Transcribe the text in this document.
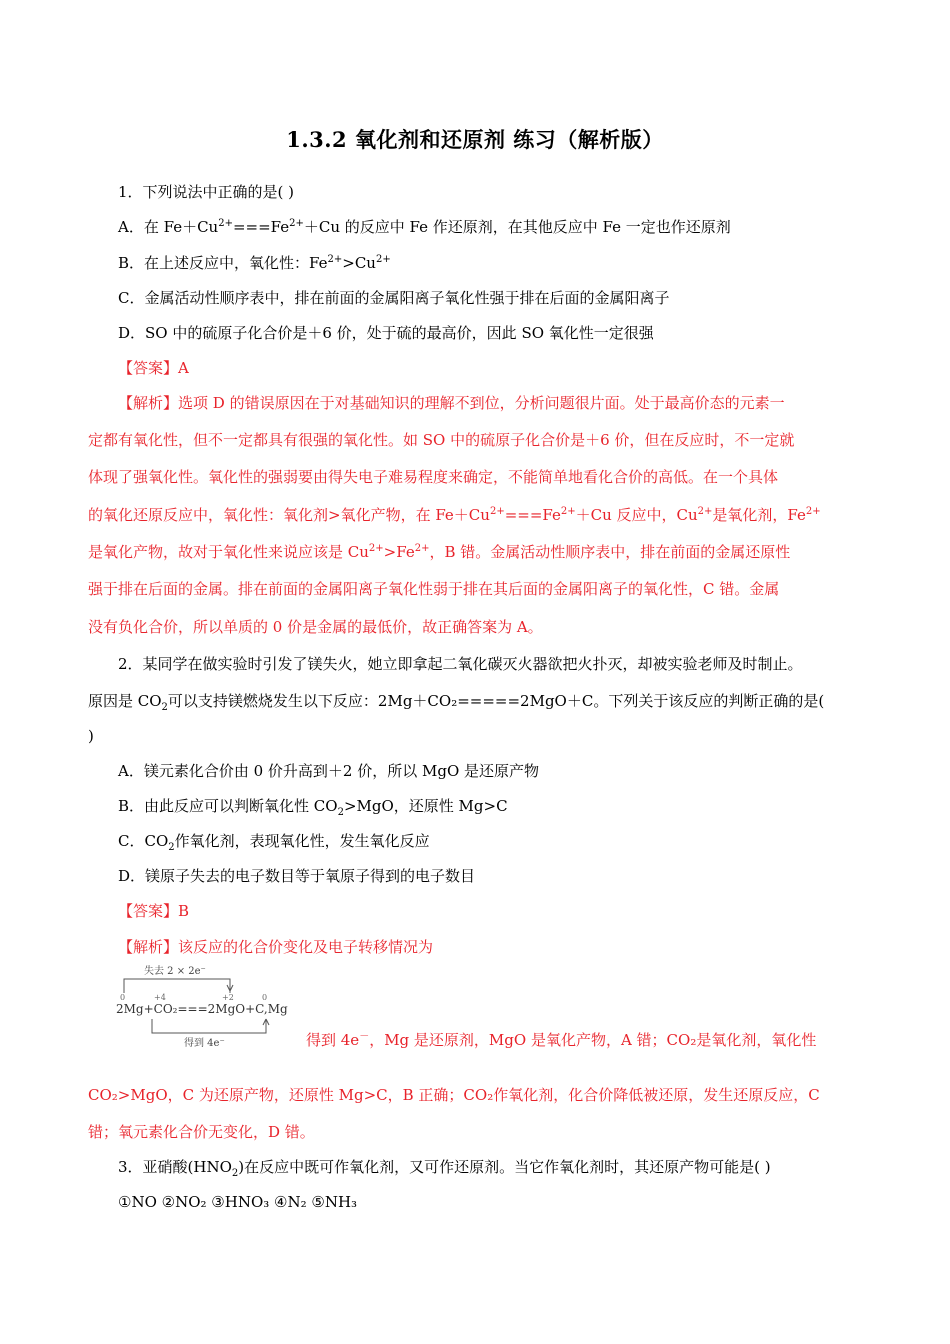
1.3.2 氧化剂和还原剂 练习（解析版）
1．下列说法中正确的是( )
A．在 $Fe+Cu^{2+}===Fe^{2+}+Cu$ 的反应中 Fe 作还原剂，在其他反应中 Fe 一定也作还原剂
B．在上述反应中，氧化性：$Fe^{2+}>Cu^{2+}$
C．金属活动性顺序表中，排在前面的金属阳离子氧化性强于排在后面的金属阳离子
D．SO 中的硫原子化合价是＋6 价，处于硫的最高价，因此 SO 氧化性一定很强
【答案】A
【解析】选项 D 的错误原因在于对基础知识的理解不到位，分析问题很片面。处于最高价态的元素一
定都有氧化性，但不一定都具有很强的氧化性。如 SO 中的硫原子化合价是＋6 价，但在反应时，不一定就
体现了强氧化性。氧化性的强弱要由得失电子难易程度来确定，不能简单地看化合价的高低。在一个具体
的氧化还原反应中，氧化性：氧化剂>氧化产物，在 $Fe+Cu^{2+}===Fe^{2+}+Cu$ 反应中，$Cu^{2+}$是氧化剂，$Fe^{2+}$
是氧化产物，故对于氧化性来说应该是 $Cu^{2+}>Fe^{2+}$，B 错。金属活动性顺序表中，排在前面的金属还原性
强于排在后面的金属。排在前面的金属阳离子氧化性弱于排在其后面的金属阳离子的氧化性，C 错。金属
没有负化合价，所以单质的 0 价是金属的最低价，故正确答案为 A。
2．某同学在做实验时引发了镁失火，她立即拿起二氧化碳灭火器欲把火扑灭，却被实验老师及时制止。
原因是 $CO_2$可以支持镁燃烧发生以下反应：2Mg＋CO₂=====2MgO＋C。下列关于该反应的判断正确的是(
)
A．镁元素化合价由 0 价升高到＋2 价，所以 MgO 是还原产物
B．由此反应可以判断氧化性 $CO_2>MgO$，还原性 Mg>C
C．$CO_2$作氧化剂，表现氧化性，发生氧化反应
D．镁原子失去的电子数目等于氧原子得到的电子数目
【答案】B
【解析】该反应的化合价变化及电子转移情况为
失去 2 × 2e⁻
得到 4e⁻
0	+4	+2	0
2Mg+CO₂===2MgO+C,Mg
得到 4e－，Mg 是还原剂，MgO 是氧化产物，A 错；CO₂是氧化剂，氧化性
CO₂>MgO，C 为还原产物，还原性 Mg>C，B 正确；CO₂作氧化剂，化合价降低被还原，发生还原反应，C
错；氧元素化合价无变化，D 错。
3．亚硝酸$(HNO_2)$在反应中既可作氧化剂，又可作还原剂。当它作氧化剂时，其还原产物可能是( )
①NO ②NO₂ ③HNO₃ ④N₂ ⑤NH₃
